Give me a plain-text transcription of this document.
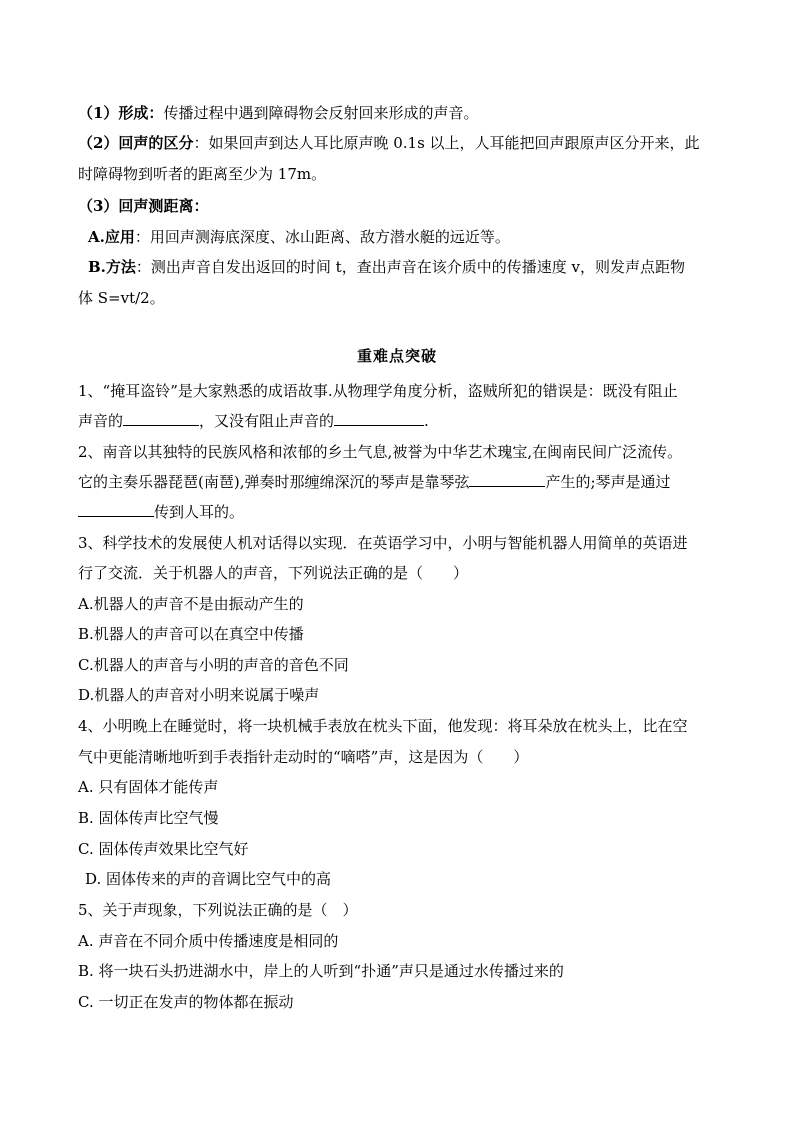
（1）形成：传播过程中遇到障碍物会反射回来形成的声音。
（2）回声的区分：如果回声到达人耳比原声晚 0.1s 以上，人耳能把回声跟原声区分开来，此
时障碍物到听者的距离至少为 17m。
（3）回声测距离：
A.应用：用回声测海底深度、冰山距离、敌方潜水艇的远近等。
B.方法：测出声音自发出返回的时间 t，查出声音在该介质中的传播速度 v，则发声点距物
体 S=vt/2。
重难点突破
1、“掩耳盗铃”是大家熟悉的成语故事.从物理学角度分析，盗贼所犯的错误是：既没有阻止
声音的	，又没有阻止声音的	.
2、南音以其独特的民族风格和浓郁的乡土气息,被誉为中华艺术瑰宝,在闽南民间广泛流传。
它的主奏乐器琵琶(南琶),弹奏时那缠绵深沉的琴声是靠琴弦	产生的;琴声是通过
传到人耳的。
3、科学技术的发展使人机对话得以实现．在英语学习中，小明与智能机器人用简单的英语进
行了交流．关于机器人的声音，下列说法正确的是（　　）
A.机器人的声音不是由振动产生的
B.机器人的声音可以在真空中传播
C.机器人的声音与小明的声音的音色不同
D.机器人的声音对小明来说属于噪声
4、小明晚上在睡觉时，将一块机械手表放在枕头下面，他发现：将耳朵放在枕头上，比在空
气中更能清晰地听到手表指针走动时的“嘀嗒”声，这是因为（　　）
A. 只有固体才能传声
B. 固体传声比空气慢
C. 固体传声效果比空气好
D. 固体传来的声的音调比空气中的高
5、关于声现象，下列说法正确的是（　）
A. 声音在不同介质中传播速度是相同的
B. 将一块石头扔进湖水中，岸上的人听到“扑通”声只是通过水传播过来的
C. 一切正在发声的物体都在振动
